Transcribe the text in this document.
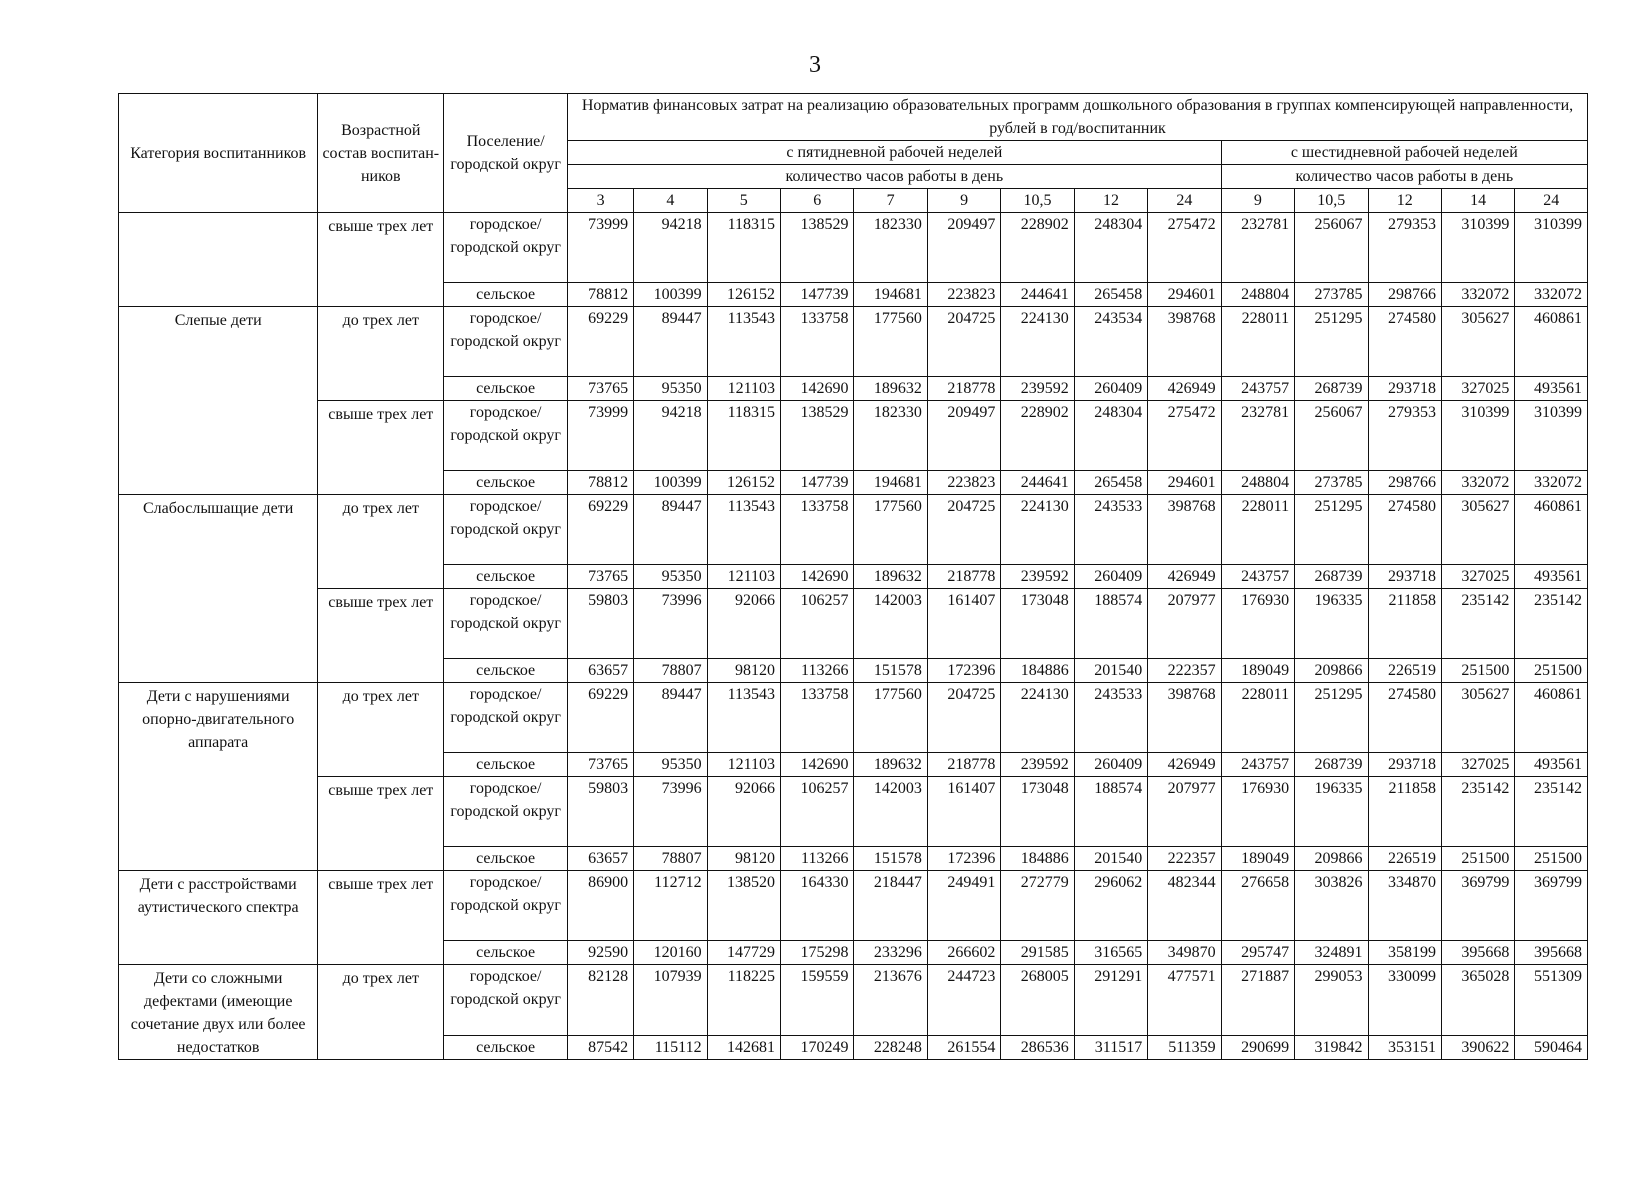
3
Категория воспитанников	Возрастной состав воспитан-ников	Поселение/ городской округ	Норматив финансовых затрат на реализацию образовательных программ дошкольного образования в группах компенсирующей направленности, рублей в год/воспитанник													
			с пятидневной рабочей неделей									с шестидневной рабочей неделей				
			количество часов работы в день									количество часов работы в день				
			3	4	5	6	7	9	10,5	12	24	9	10,5	12	14	24
	свыше трех лет	городское/ городской округ	73999	94218	118315	138529	182330	209497	228902	248304	275472	232781	256067	279353	310399	310399
		сельское	78812	100399	126152	147739	194681	223823	244641	265458	294601	248804	273785	298766	332072	332072
Слепые дети	до трех лет	городское/ городской округ	69229	89447	113543	133758	177560	204725	224130	243534	398768	228011	251295	274580	305627	460861
		сельское	73765	95350	121103	142690	189632	218778	239592	260409	426949	243757	268739	293718	327025	493561
	свыше трех лет	городское/ городской округ	73999	94218	118315	138529	182330	209497	228902	248304	275472	232781	256067	279353	310399	310399
		сельское	78812	100399	126152	147739	194681	223823	244641	265458	294601	248804	273785	298766	332072	332072
Слабослышащие дети	до трех лет	городское/ городской округ	69229	89447	113543	133758	177560	204725	224130	243533	398768	228011	251295	274580	305627	460861
		сельское	73765	95350	121103	142690	189632	218778	239592	260409	426949	243757	268739	293718	327025	493561
	свыше трех лет	городское/ городской округ	59803	73996	92066	106257	142003	161407	173048	188574	207977	176930	196335	211858	235142	235142
		сельское	63657	78807	98120	113266	151578	172396	184886	201540	222357	189049	209866	226519	251500	251500
Дети с нарушениями опорно-двигательного аппарата	до трех лет	городское/ городской округ	69229	89447	113543	133758	177560	204725	224130	243533	398768	228011	251295	274580	305627	460861
		сельское	73765	95350	121103	142690	189632	218778	239592	260409	426949	243757	268739	293718	327025	493561
	свыше трех лет	городское/ городской округ	59803	73996	92066	106257	142003	161407	173048	188574	207977	176930	196335	211858	235142	235142
		сельское	63657	78807	98120	113266	151578	172396	184886	201540	222357	189049	209866	226519	251500	251500
Дети с расстройствами аутистического спектра	свыше трех лет	городское/ городской округ	86900	112712	138520	164330	218447	249491	272779	296062	482344	276658	303826	334870	369799	369799
		сельское	92590	120160	147729	175298	233296	266602	291585	316565	349870	295747	324891	358199	395668	395668
Дети со сложными дефектами (имеющие сочетание двух или более недостатков	до трех лет	городское/ городской округ	82128	107939	118225	159559	213676	244723	268005	291291	477571	271887	299053	330099	365028	551309
		сельское	87542	115112	142681	170249	228248	261554	286536	311517	511359	290699	319842	353151	390622	590464
